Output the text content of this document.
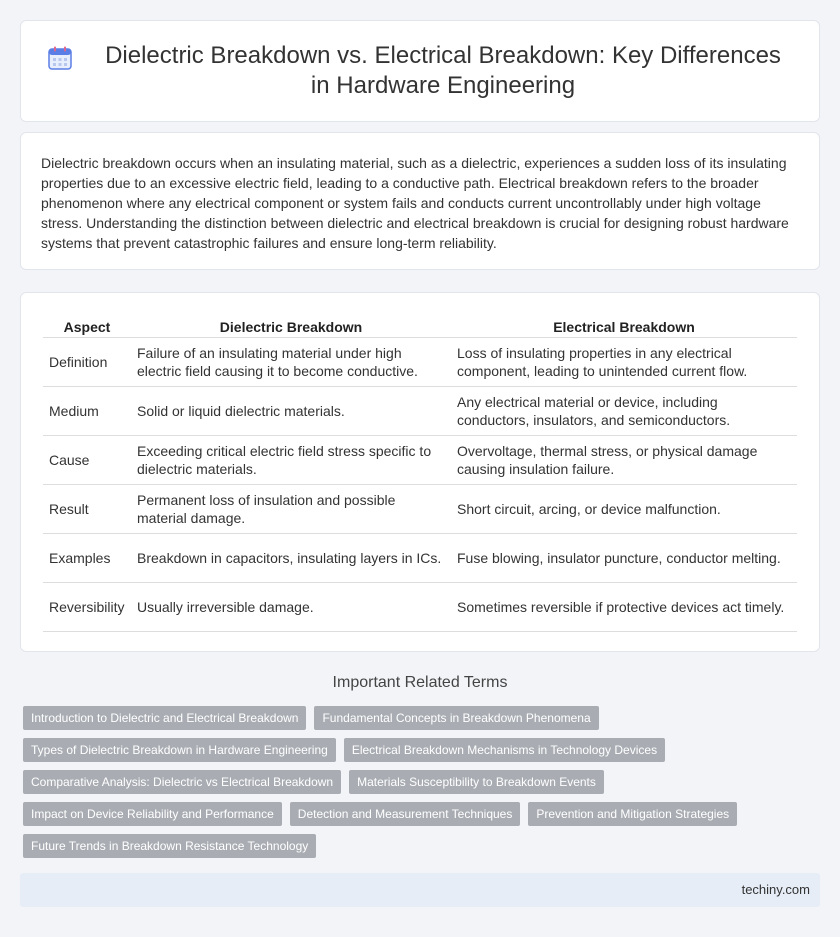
Dielectric Breakdown vs. Electrical Breakdown: Key Differences in Hardware Engineering

Dielectric breakdown occurs when an insulating material, such as a dielectric, experiences a sudden loss of its insulating properties due to an excessive electric field, leading to a conductive path. Electrical breakdown refers to the broader phenomenon where any electrical component or system fails and conducts current uncontrollably under high voltage stress. Understanding the distinction between dielectric and electrical breakdown is crucial for designing robust hardware systems that prevent catastrophic failures and ensure long-term reliability.

Aspect	Dielectric Breakdown	Electrical Breakdown
Definition	Failure of an insulating material under high electric field causing it to become conductive.	Loss of insulating properties in any electrical component, leading to unintended current flow.
Medium	Solid or liquid dielectric materials.	Any electrical material or device, including conductors, insulators, and semiconductors.
Cause	Exceeding critical electric field stress specific to dielectric materials.	Overvoltage, thermal stress, or physical damage causing insulation failure.
Result	Permanent loss of insulation and possible material damage.	Short circuit, arcing, or device malfunction.
Examples	Breakdown in capacitors, insulating layers in ICs.	Fuse blowing, insulator puncture, conductor melting.
Reversibility	Usually irreversible damage.	Sometimes reversible if protective devices act timely.
Important Related Terms
Introduction to Dielectric and Electrical Breakdown	Fundamental Concepts in Breakdown Phenomena
Types of Dielectric Breakdown in Hardware Engineering	Electrical Breakdown Mechanisms in Technology Devices
Comparative Analysis: Dielectric vs Electrical Breakdown	Materials Susceptibility to Breakdown Events
Impact on Device Reliability and Performance	Detection and Measurement Techniques	Prevention and Mitigation Strategies
Future Trends in Breakdown Resistance Technology
techiny.com
